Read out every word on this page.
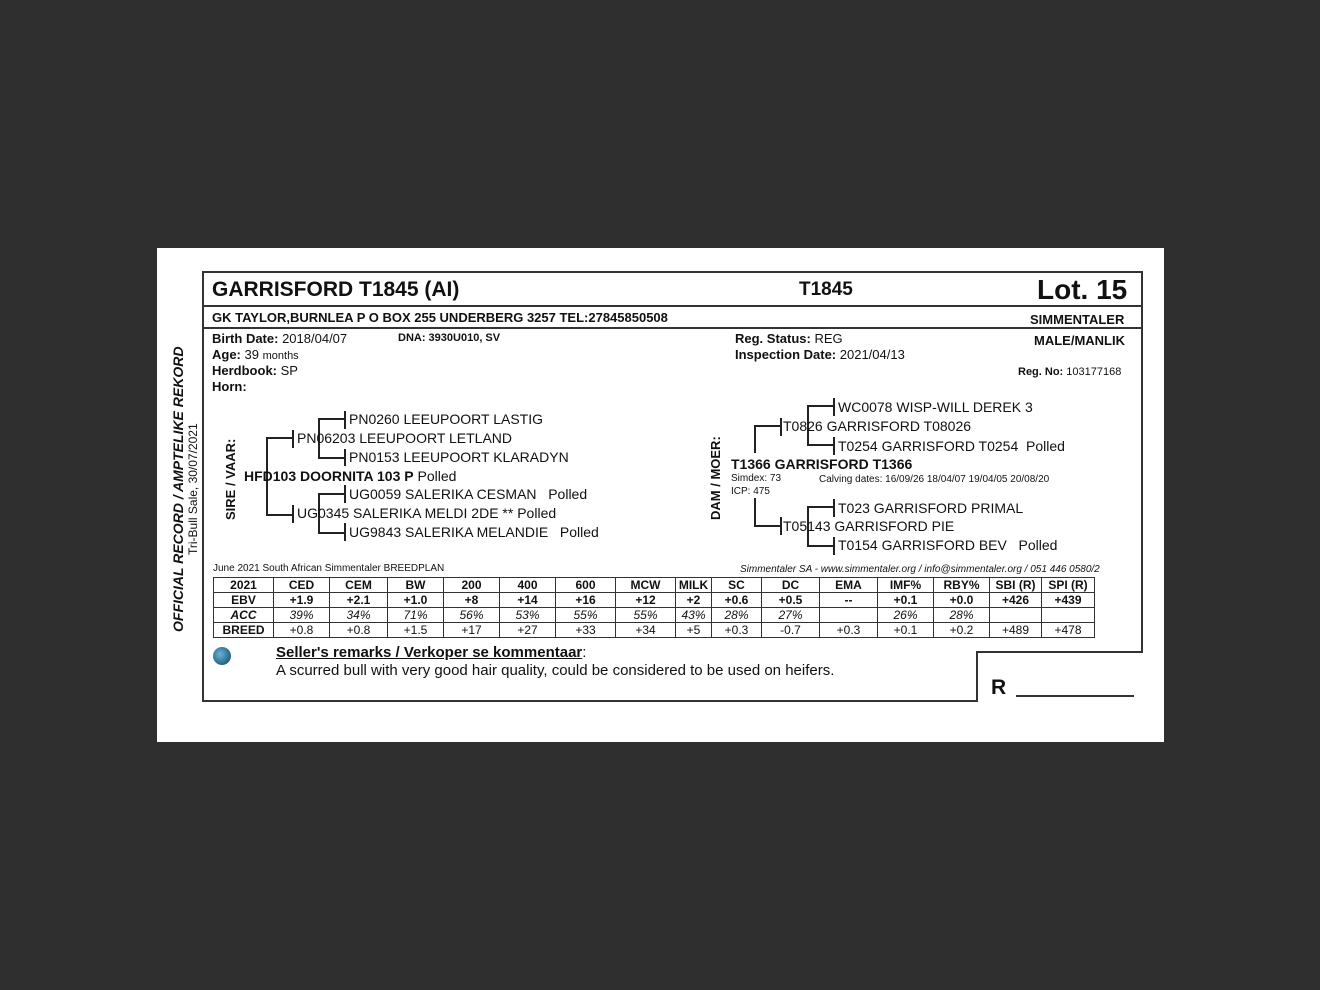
OFFICIAL RECORD / AMPTELIKE REKORD Tri-Bull Sale, 30/07/2021
GARRISFORD T1845 (AI)	T1845	Lot. 15
GK TAYLOR,BURNLEA P O BOX 255 UNDERBERG 3257 TEL:27845850508	SIMMENTALER
Birth Date: 2018/04/07	DNA: 3930U010, SV
Age: 39 months
Herdbook: SP
Horn:
Reg. Status: REG
Inspection Date: 2021/04/13
MALE/MANLIK
Reg. No: 103177168
SIRE / VAAR:	DAM / MOER:
PN0260 LEEUPOORT LASTIG
PN06203 LEEUPOORT LETLAND
PN0153 LEEUPOORT KLARADYN
HFD103 DOORNITA 103 P Polled
UG0059 SALERIKA CESMAN Polled
UG0345 SALERIKA MELDI 2DE ** Polled
UG9843 SALERIKA MELANDIE Polled
WC0078 WISP-WILL DEREK 3
T0826 GARRISFORD T08026
T0254 GARRISFORD T0254 Polled
T1366 GARRISFORD T1366
Simdex: 73
ICP: 475
Calving dates: 16/09/26 18/04/07 19/04/05 20/08/20
T023 GARRISFORD PRIMAL
T05143 GARRISFORD PIE
T0154 GARRISFORD BEV Polled
June 2021 South African Simmentaler BREEDPLAN	Simmentaler SA - www.simmentaler.org / info@simmentaler.org / 051 446 0580/2
2021	CED	CEM	BW	200	400	600	MCW	MILK	SC	DC	EMA	IMF%	RBY%	SBI (R)	SPI (R)
EBV	+1.9	+2.1	+1.0	+8	+14	+16	+12	+2	+0.6	+0.5	--	+0.1	+0.0	+426	+439
ACC	39%	34%	71%	56%	53%	55%	55%	43%	28%	27%		26%	28%		
BREED	+0.8	+0.8	+1.5	+17	+27	+33	+34	+5	+0.3	-0.7	+0.3	+0.1	+0.2	+489	+478
Seller's remarks / Verkoper se kommentaar:
A scurred bull with very good hair quality, could be considered to be used on heifers.
R
